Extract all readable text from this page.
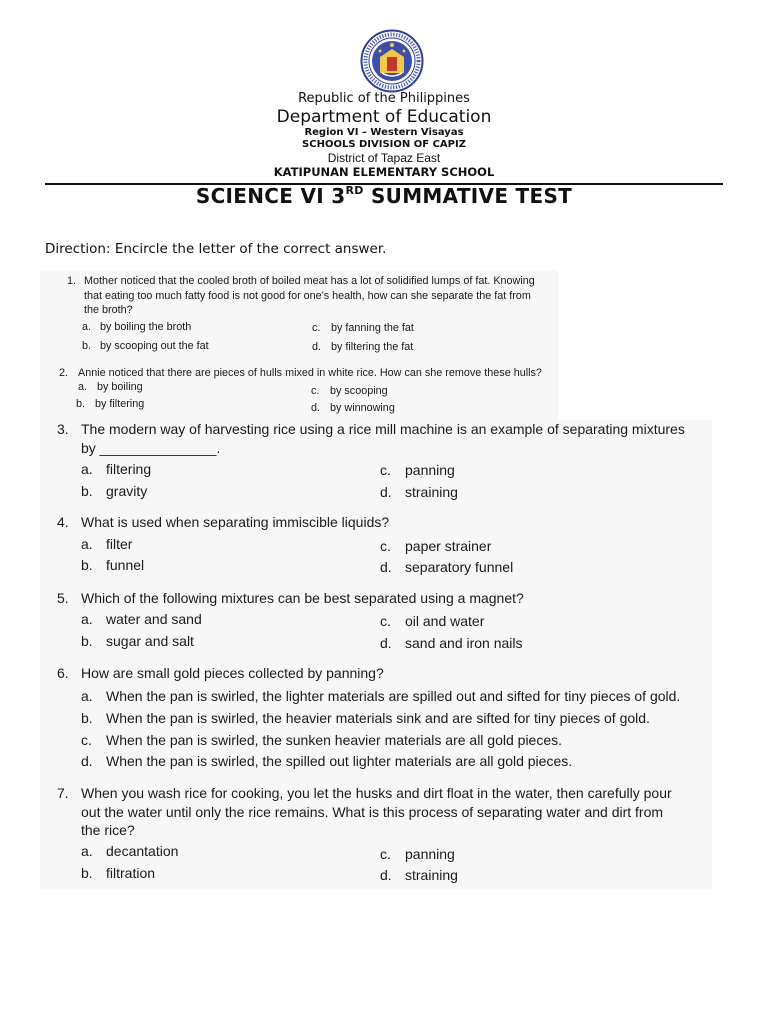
Republic of the Philippines
Department of Education
Region VI – Western Visayas
SCHOOLS DIVISION OF CAPIZ
District of Tapaz East
KATIPUNAN ELEMENTARY SCHOOL
SCIENCE VI 3RD SUMMATIVE TEST
Direction: Encircle the letter of the correct answer.
1. Mother noticed that the cooled broth of boiled meat has a lot of solidified lumps of fat. Knowing
that eating too much fatty food is not good for one's health, how can she separate the fat from
the broth?
a. by boiling the broth
b. by scooping out the fat
c. by fanning the fat
d. by filtering the fat
2. Annie noticed that there are pieces of hulls mixed in white rice. How can she remove these hulls?
a. by boiling
b. by filtering
c. by scooping
d. by winnowing
3. The modern way of harvesting rice using a rice mill machine is an example of separating mixtures
by _______________.
a. filtering
b. gravity
c. panning
d. straining
4. What is used when separating immiscible liquids?
a. filter
b. funnel
c. paper strainer
d. separatory funnel
5. Which of the following mixtures can be best separated using a magnet?
a. water and sand
b. sugar and salt
c. oil and water
d. sand and iron nails
6. How are small gold pieces collected by panning?
a. When the pan is swirled, the lighter materials are spilled out and sifted for tiny pieces of gold.
b. When the pan is swirled, the heavier materials sink and are sifted for tiny pieces of gold.
c. When the pan is swirled, the sunken heavier materials are all gold pieces.
d. When the pan is swirled, the spilled out lighter materials are all gold pieces.
7. When you wash rice for cooking, you let the husks and dirt float in the water, then carefully pour
out the water until only the rice remains. What is this process of separating water and dirt from
the rice?
a. decantation
b. filtration
c. panning
d. straining
